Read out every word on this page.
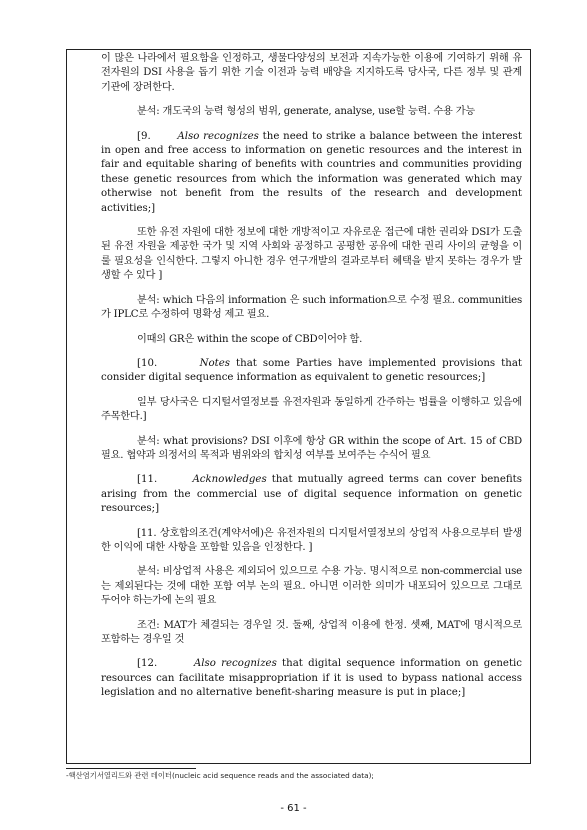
이 많은 나라에서 필요함을 인정하고, 생물다양성의 보전과 지속가능한 이용에 기여하기 위해 유전자원의 DSI 사용을 돕기 위한 기술 이전과 능력 배양을 지지하도록 당사국, 다른 정부 및 관계 기관에 장려한다.

분석: 개도국의 능력 형성의 범위, generate, analyse, use할 능력. 수용 가능

[9.	Also recognizes the need to strike a balance between the interest in open and free access to information on genetic resources and the interest in fair and equitable sharing of benefits with countries and communities providing these genetic resources from which the information was generated which may otherwise not benefit from the results of the research and development activities;]

또한 유전 자원에 대한 정보에 대한 개방적이고 자유로운 접근에 대한 권리와 DSI가 도출된 유전 자원을 제공한 국가 및 지역 사회와 공정하고 공평한 공유에 대한 권리 사이의 균형을 이룰 필요성을 인식한다. 그렇지 아니한 경우 연구개발의 결과로부터 혜택을 받지 못하는 경우가 발생할 수 있다 ]

분석: which 다음의 information 은 such information으로 수정 필요. communities가 IPLC로 수정하여 명확성 제고 필요.

이때의 GR은 within the scope of CBD이어야 함.

[10.	Notes that some Parties have implemented provisions that consider digital sequence information as equivalent to genetic resources;]

일부 당사국은 디지털서열정보를 유전자원과 동일하게 간주하는 법률을 이행하고 있음에 주목한다.]

분석: what provisions? DSI 이후에 항상 GR within the scope of Art. 15 of CBD 필요. 협약과 의정서의 목적과 범위와의 합치성 여부를 보여주는 수식어 필요

[11.	Acknowledges that mutually agreed terms can cover benefits arising from the commercial use of digital sequence information on genetic resources;]

[11. 상호합의조건(계약서에)은 유전자원의 디지털서열정보의 상업적 사용으로부터 발생한 이익에 대한 사항을 포함할 있음을 인정한다. ]

분석: 비상업적 사용은 제외되어 있으므로 수용 가능. 명시적으로 non-commercial use는 제외된다는 것에 대한 포함 여부 논의 필요. 아니면 이러한 의미가 내포되어 있으므로 그대로 두어야 하는가에 논의 필요

조건: MAT가 체결되는 경우일 것. 둘째, 상업적 이용에 한정. 셋째, MAT에 명시적으로 포함하는 경우일 것

[12.	Also recognizes that digital sequence information on genetic resources can facilitate misappropriation if it is used to bypass national access legislation and no alternative benefit-sharing measure is put in place;]

-핵산염기서열리드와 관련 데이터(nucleic acid sequence reads and the associated data);
- 61 -
